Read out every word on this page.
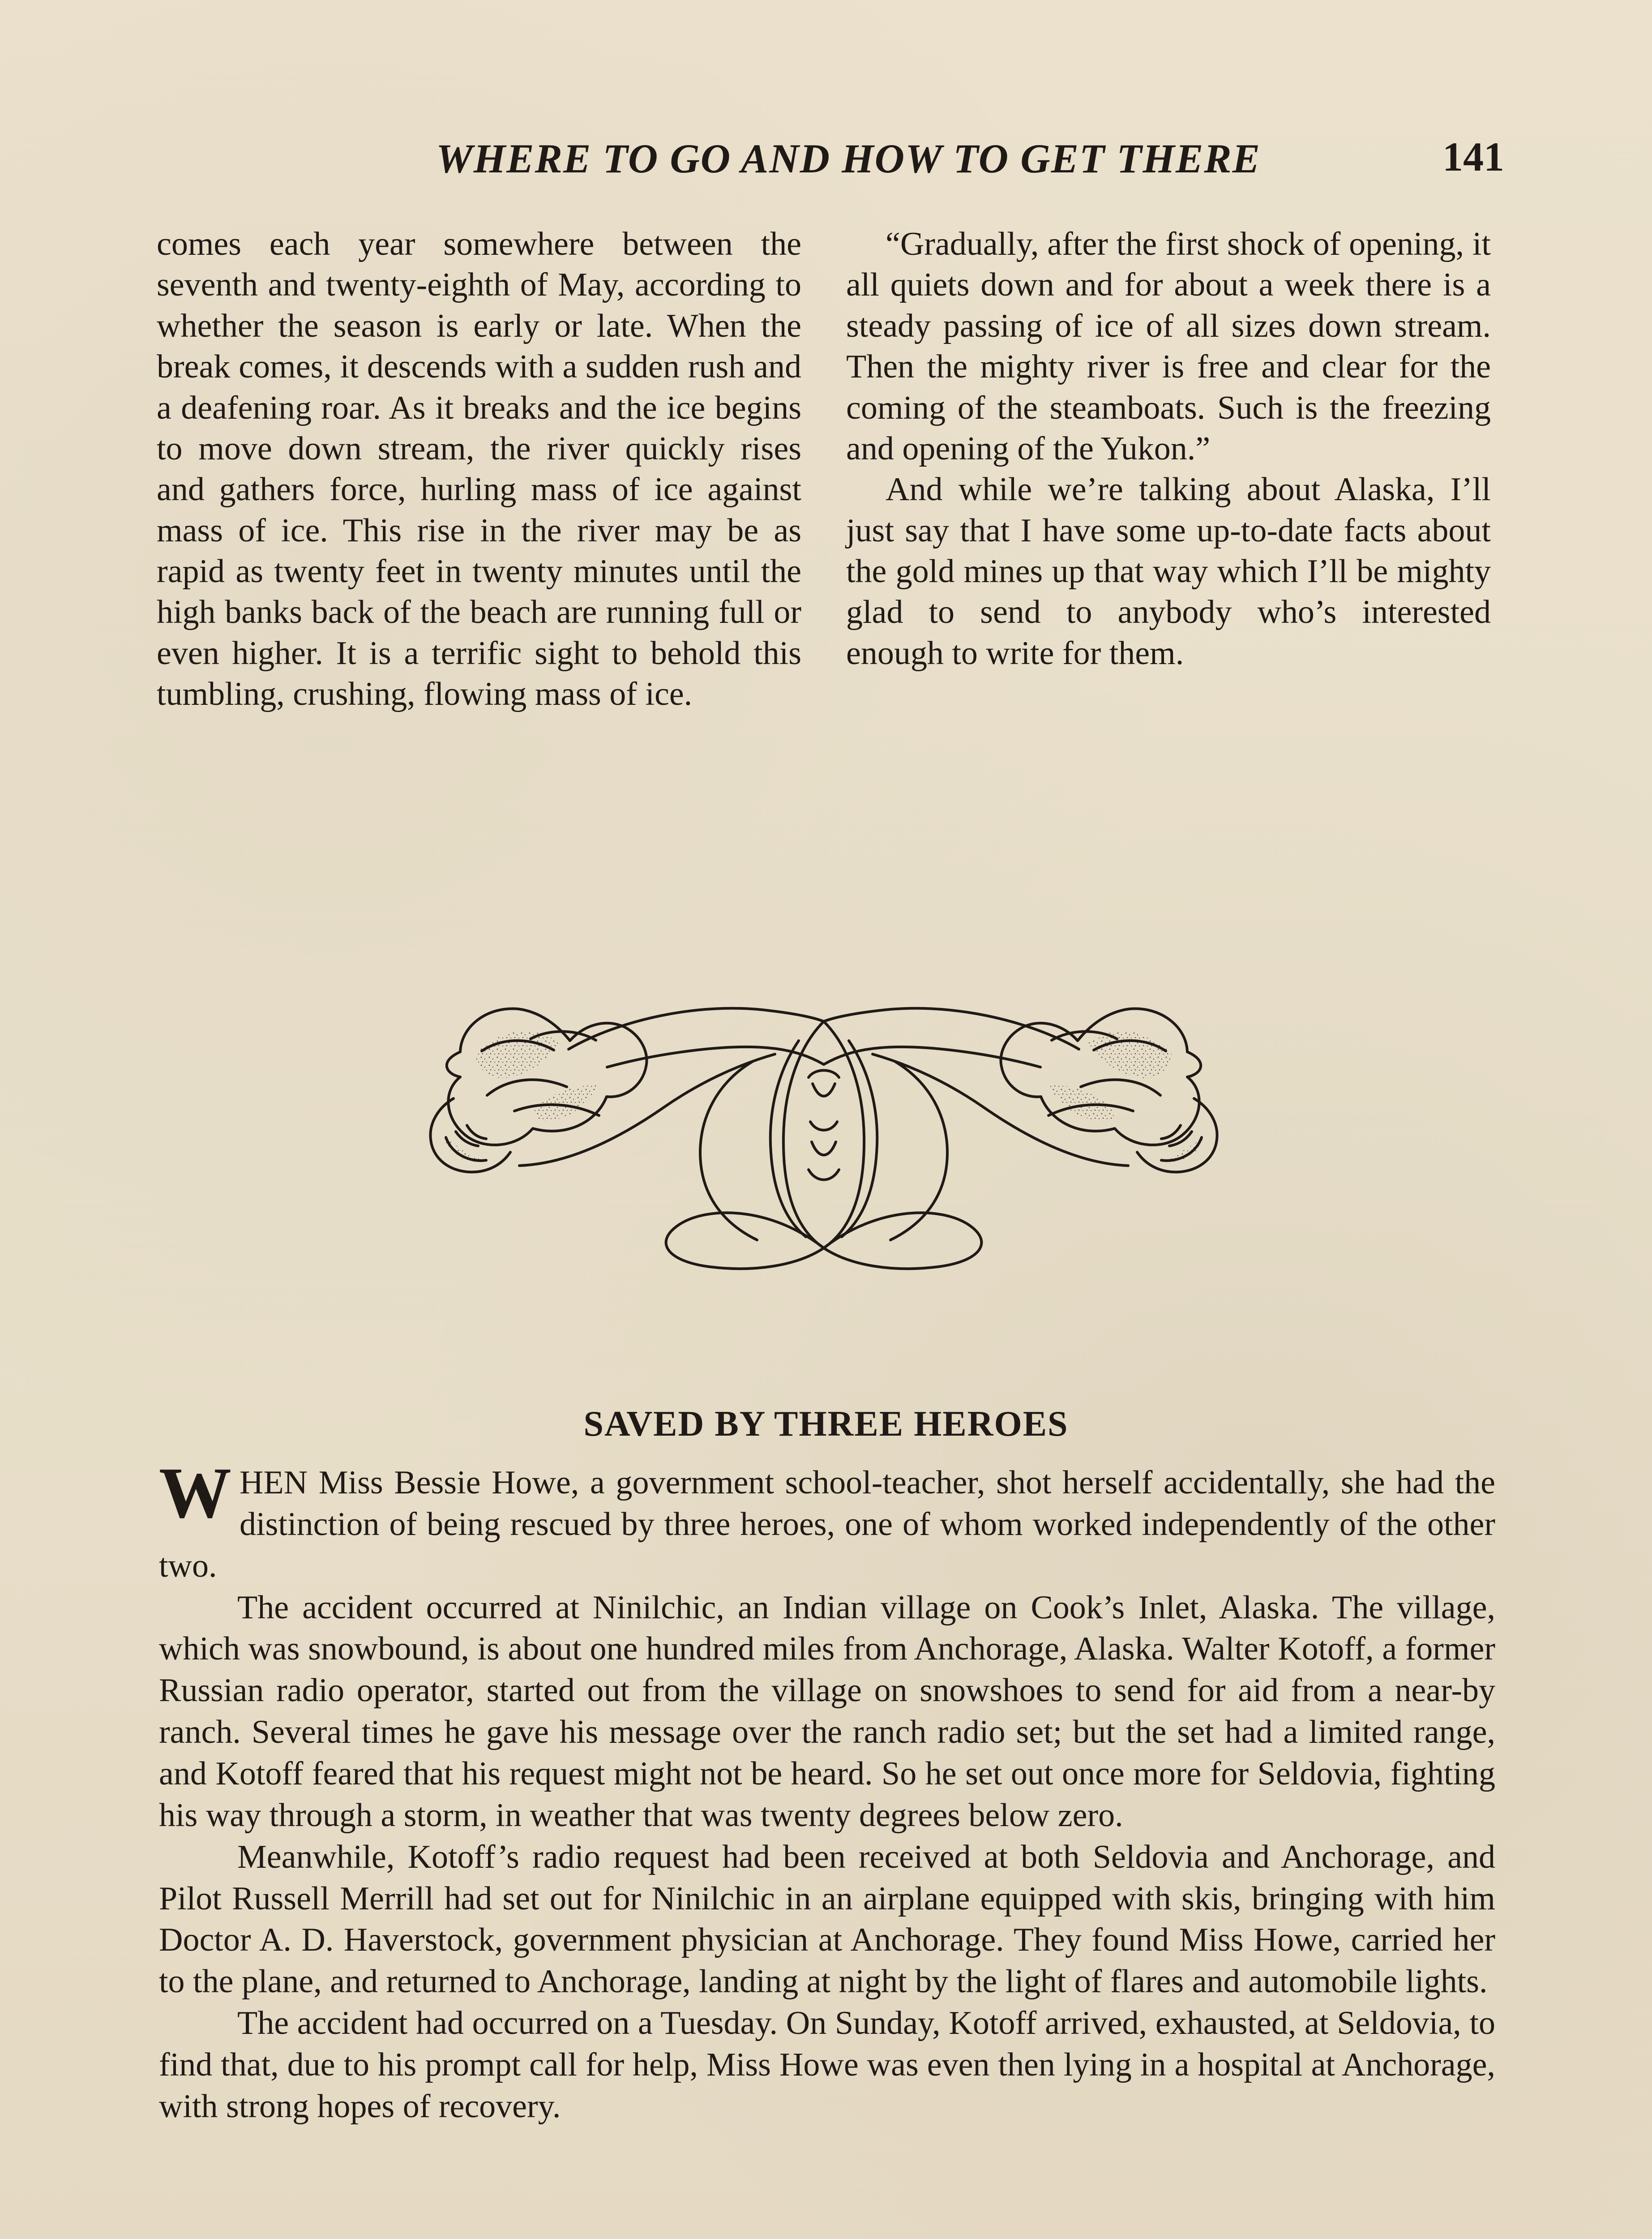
WHERE TO GO AND HOW TO GET THERE	141

comes each year somewhere between the seventh and twenty-eighth of May, according to whether the season is early or late. When the break comes, it descends with a sudden rush and a deafening roar. As it breaks and the ice begins to move down stream, the river quickly rises and gathers force, hurling mass of ice against mass of ice. This rise in the river may be as rapid as twenty feet in twenty minutes until the high banks back of the beach are running full or even higher. It is a terrific sight to behold this tumbling, crushing, flowing mass of ice.

“Gradually, after the first shock of opening, it all quiets down and for about a week there is a steady passing of ice of all sizes down stream. Then the mighty river is free and clear for the coming of the steamboats. Such is the freezing and opening of the Yukon.”

And while we’re talking about Alaska, I’ll just say that I have some up-to-date facts about the gold mines up that way which I’ll be mighty glad to send to anybody who’s interested enough to write for them.

SAVED BY THREE HEROES

WHEN Miss Bessie Howe, a government school-teacher, shot herself accidentally, she had the distinction of being rescued by three heroes, one of whom worked independently of the other two.

The accident occurred at Ninilchic, an Indian village on Cook’s Inlet, Alaska. The village, which was snowbound, is about one hundred miles from Anchorage, Alaska. Walter Kotoff, a former Russian radio operator, started out from the village on snowshoes to send for aid from a near-by ranch. Several times he gave his message over the ranch radio set; but the set had a limited range, and Kotoff feared that his request might not be heard. So he set out once more for Seldovia, fighting his way through a storm, in weather that was twenty degrees below zero.

Meanwhile, Kotoff’s radio request had been received at both Seldovia and Anchorage, and Pilot Russell Merrill had set out for Ninilchic in an airplane equipped with skis, bringing with him Doctor A. D. Haverstock, government physician at Anchorage. They found Miss Howe, carried her to the plane, and returned to Anchorage, landing at night by the light of flares and automobile lights.

The accident had occurred on a Tuesday. On Sunday, Kotoff arrived, exhausted, at Seldovia, to find that, due to his prompt call for help, Miss Howe was even then lying in a hospital at Anchorage, with strong hopes of recovery.
